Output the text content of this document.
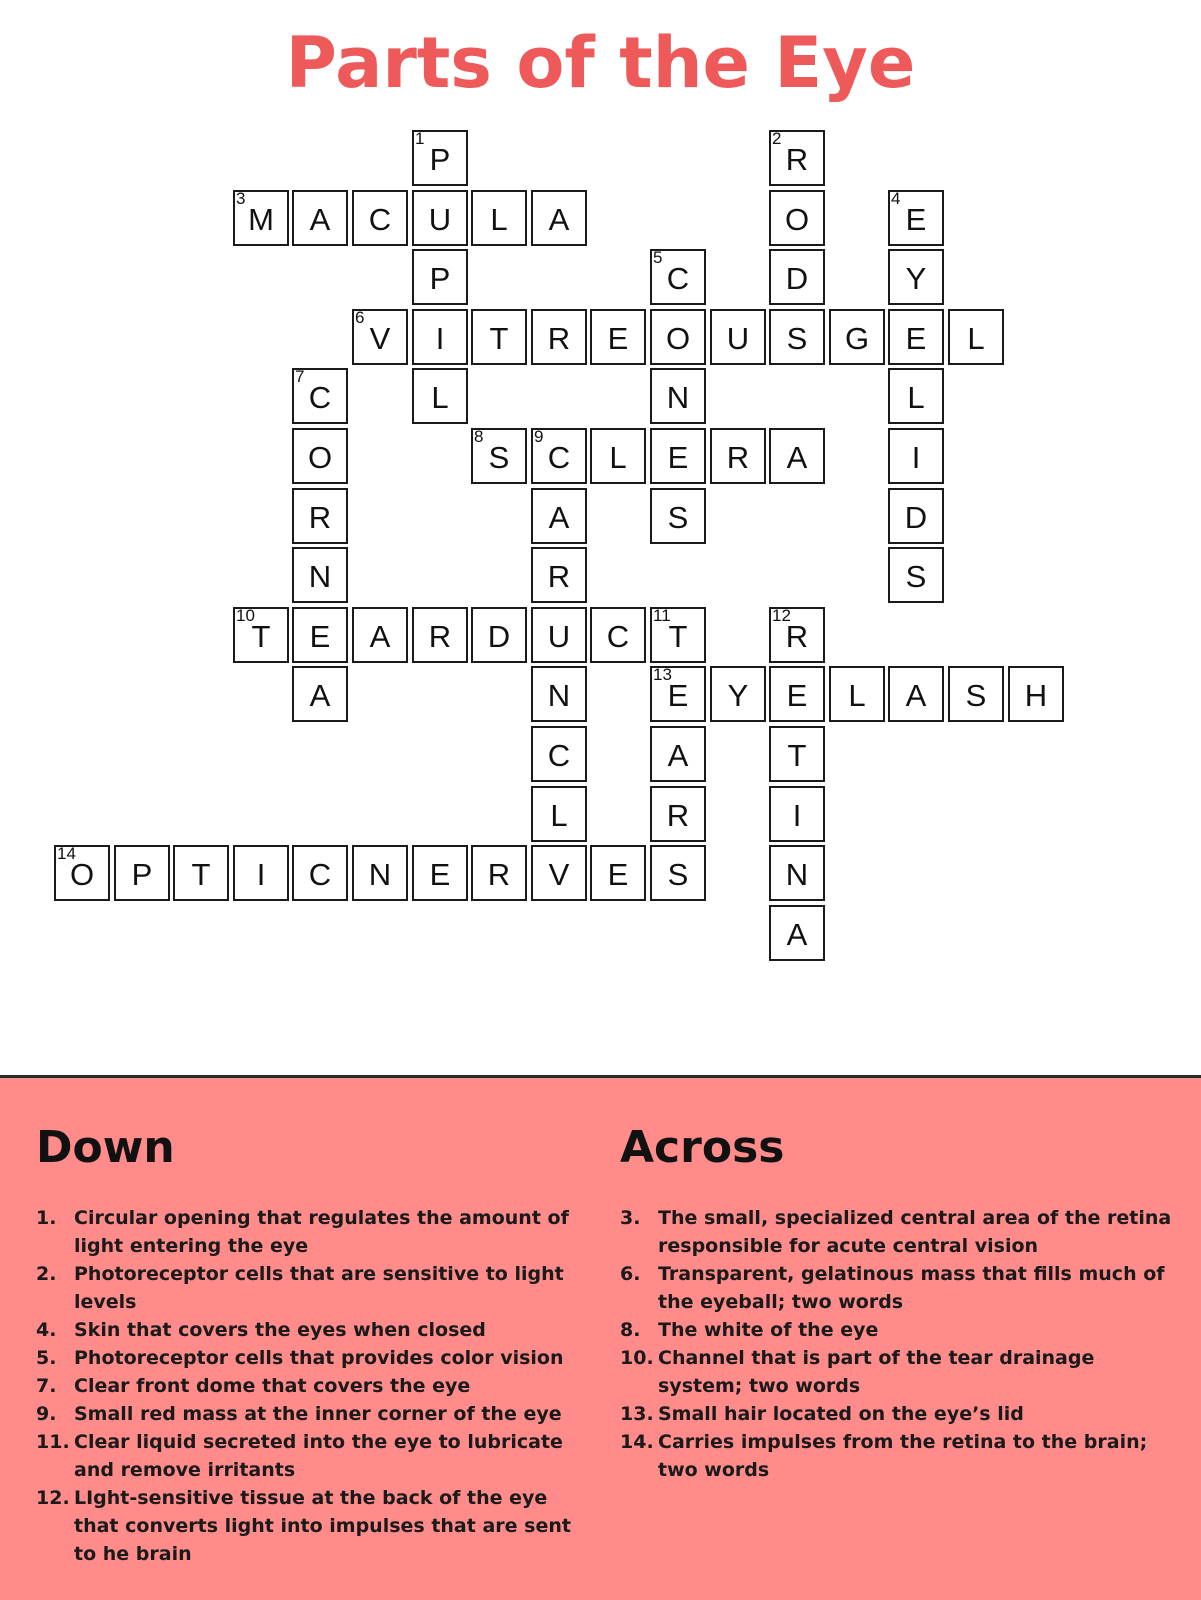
Parts of the Eye
1
P
2
R
3
M	A	C	U	L	A	O
4
E
P
5
C	D	Y
6
V	I	T	R	E	O	U	S	G	E	L
7
C	L	N	L
O
8
S
9
C	L	E	R	A	I
R	A	S	D
N	R	S
10
T	E	A	R	D	U	C
11
T
12
R
A	N
13
E	Y	E	L	A	S	H
C	A	T
L	R	I
14
O	P	T	I	C	N	E	R	V	E	S	N
A
Down
1. Circular opening that regulates the amount of light entering the eye
2. Photoreceptor cells that are sensitive to light levels
4. Skin that covers the eyes when closed
5. Photoreceptor cells that provides color vision
7. Clear front dome that covers the eye
9. Small red mass at the inner corner of the eye
11. Clear liquid secreted into the eye to lubricate and remove irritants
12. LIght-sensitive tissue at the back of the eye that converts light into impulses that are sent to he brain
Across
3. The small, specialized central area of the retina responsible for acute central vision
6. Transparent, gelatinous mass that fills much of the eyeball; two words
8. The white of the eye
10. Channel that is part of the tear drainage system; two words
13. Small hair located on the eye’s lid
14. Carries impulses from the retina to the brain; two words
